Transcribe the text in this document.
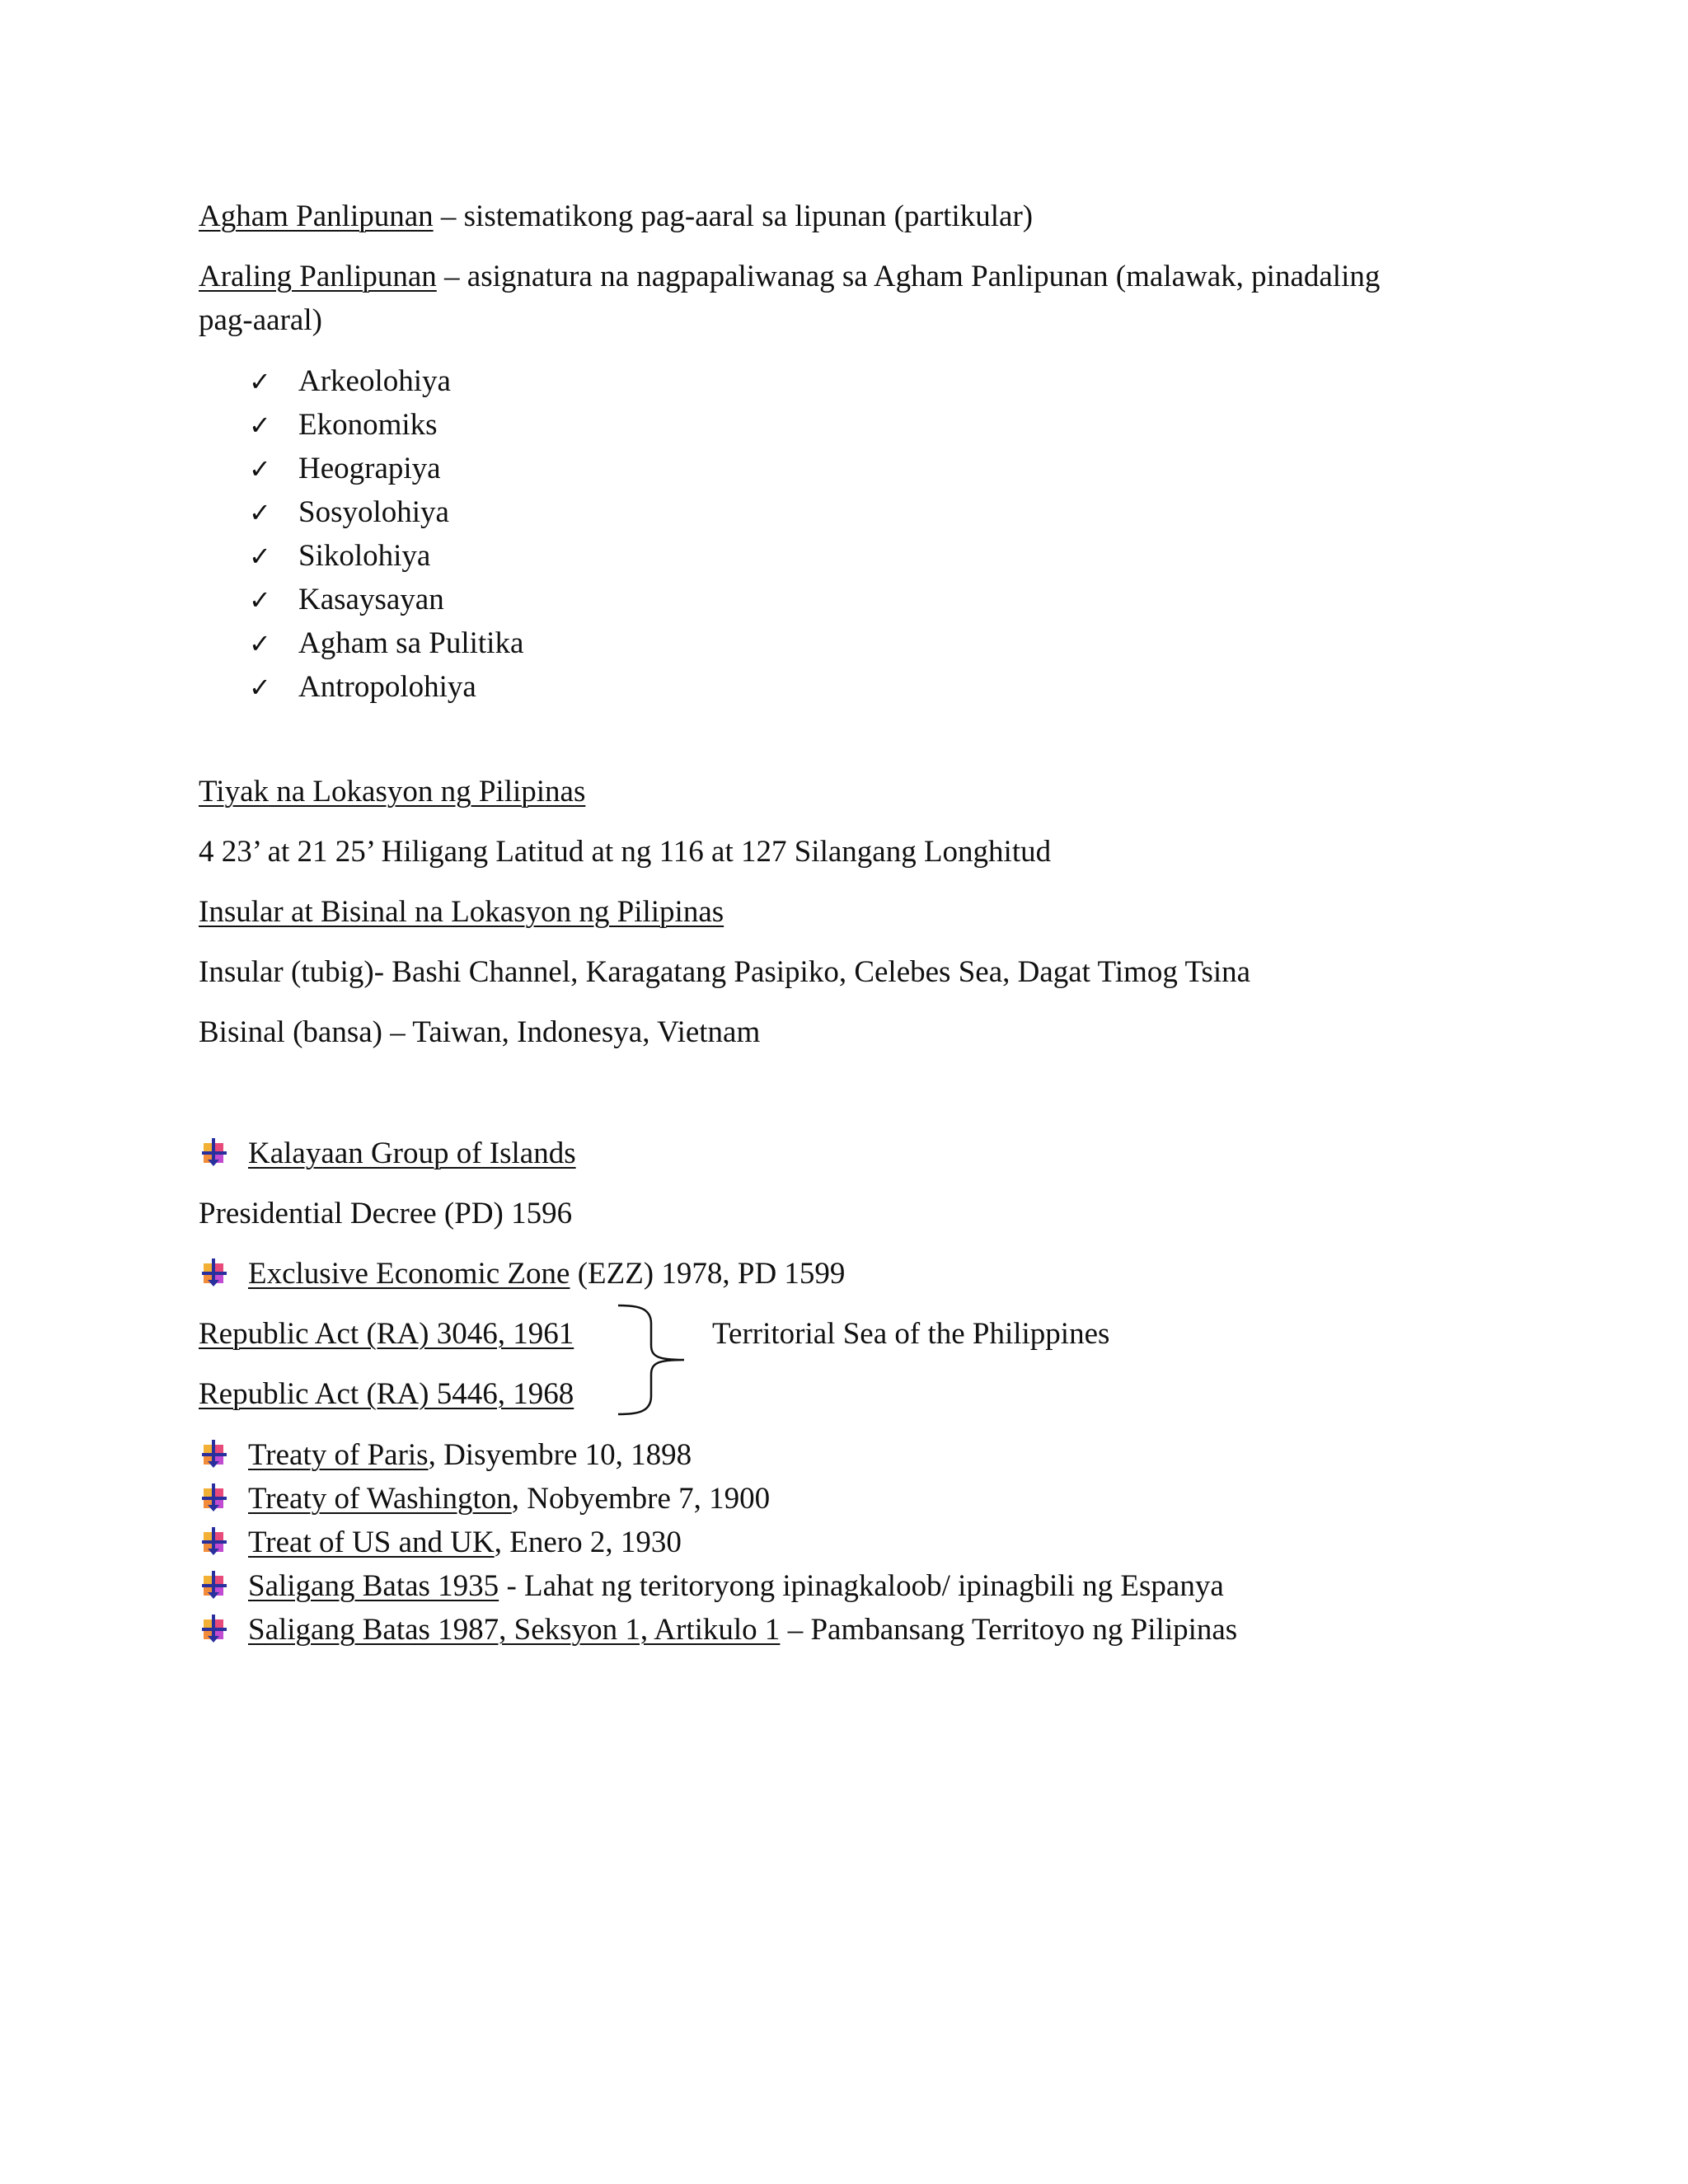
Agham Panlipunan – sistematikong pag-aaral sa lipunan (partikular)
Araling Panlipunan – asignatura na nagpapaliwanag sa Agham Panlipunan (malawak, pinadaling
pag-aaral)
✓ Arkeolohiya
✓ Ekonomiks
✓ Heograpiya
✓ Sosyolohiya
✓ Sikolohiya
✓ Kasaysayan
✓ Agham sa Pulitika
✓ Antropolohiya
Tiyak na Lokasyon ng Pilipinas
4 23’ at 21 25’ Hiligang Latitud at ng 116 at 127 Silangang Longhitud
Insular at Bisinal na Lokasyon ng Pilipinas
Insular (tubig)- Bashi Channel, Karagatang Pasipiko, Celebes Sea, Dagat Timog Tsina
Bisinal (bansa) – Taiwan, Indonesya, Vietnam
Kalayaan Group of Islands
Presidential Decree (PD) 1596
Exclusive Economic Zone (EZZ) 1978, PD 1599
Republic Act (RA) 3046, 1961
Republic Act (RA) 5446, 1968
Territorial Sea of the Philippines
Treaty of Paris, Disyembre 10, 1898
Treaty of Washington, Nobyembre 7, 1900
Treat of US and UK, Enero 2, 1930
Saligang Batas 1935 - Lahat ng teritoryong ipinagkaloob/ ipinagbili ng Espanya
Saligang Batas 1987, Seksyon 1, Artikulo 1 – Pambansang Territoyo ng Pilipinas
